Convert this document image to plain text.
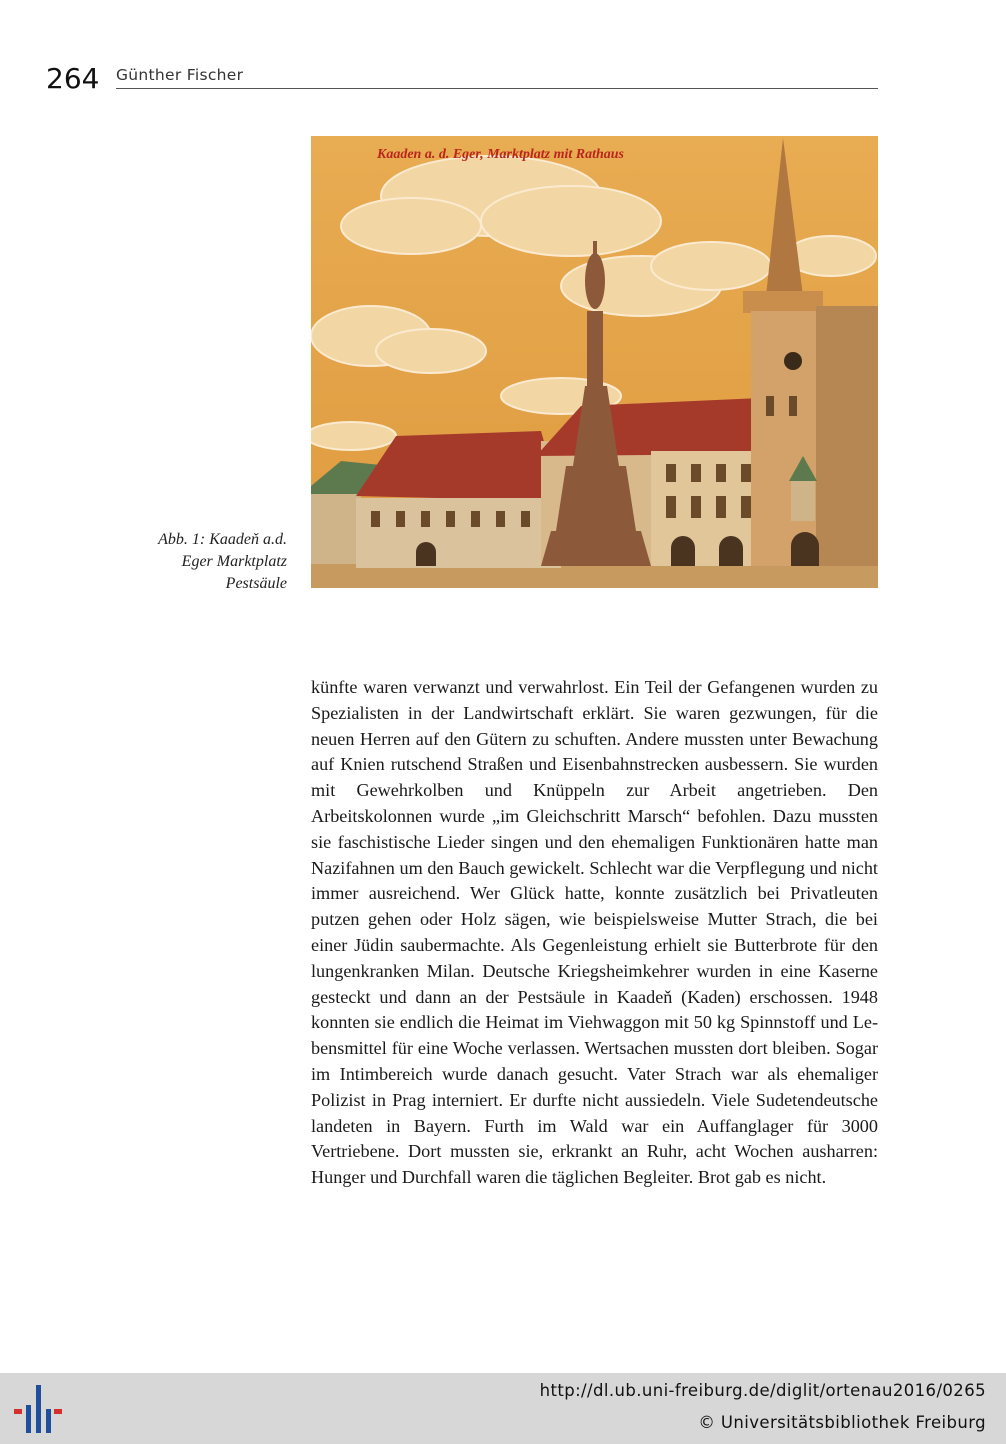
264 Günther Fischer
Kaaden a. d. Eger, Marktplatz mit Rathaus
Abb. 1: Kaadeň a.d.
Eger Marktplatz
Pestsäule

künfte waren verwanzt und verwahrlost. Ein Teil der Gefangenen wurden zu Spezialisten in der Landwirtschaft erklärt. Sie waren gezwungen, für die neuen Herren auf den Gütern zu schuften. Andere mussten unter Bewachung auf Knien rutschend Straßen und Eisenbahnstrecken ausbessern. Sie wurden mit Gewehrkolben und Knüppeln zur Arbeit angetrieben. Den Arbeitskolonnen wurde „im Gleichschritt Marsch“ befohlen. Dazu mussten sie faschistische Lieder singen und den ehemaligen Funktionären hatte man Nazifahnen um den Bauch gewickelt. Schlecht war die Verpflegung und nicht immer ausreichend. Wer Glück hatte, konnte zusätzlich bei Privatleuten putzen gehen oder Holz sägen, wie beispielsweise Mutter Strach, die bei einer Jüdin saubermachte. Als Gegenleistung erhielt sie Butterbrote für den lungenkranken Milan. Deutsche Kriegsheimkehrer wurden in eine Kaserne gesteckt und dann an der Pestsäule in Kaadeň (Kaden) erschossen. 1948 konnten sie endlich die Heimat im Viehwaggon mit 50 kg Spinnstoff und Lebensmittel für eine Woche verlassen. Wertsachen mussten dort bleiben. Sogar im Intimbereich wurde danach gesucht. Vater Strach war als ehemaliger Polizist in Prag interniert. Er durfte nicht aussiedeln. Viele Sudetendeutsche landeten in Bayern. Furth im Wald war ein Auffanglager für 3000 Vertriebene. Dort mussten sie, erkrankt an Ruhr, acht Wochen ausharren: Hunger und Durchfall waren die täglichen Begleiter. Brot gab es nicht.

http://dl.ub.uni-freiburg.de/diglit/ortenau2016/0265
© Universitätsbibliothek Freiburg
